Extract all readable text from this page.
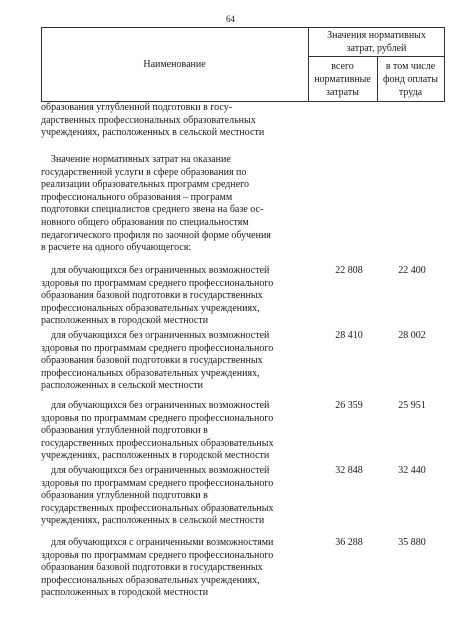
64
Наименование
Значения нормативных
затрат, рублей
всего
нормативные
затраты
в том числе
фонд оплаты
труда
образования углубленной подготовки в госу-
дарственных профессиональных образовательных
учреждениях, расположенных в сельской местности
Значение нормативных затрат на оказание
государственной услуги в сфере образования по
реализации образовательных программ среднего
профессионального образования – программ
подготовки специалистов среднего звена на базе ос-
новного общего образования по специальностям
педагогического профиля по заочной форме обучения
в расчете на одного обучающегося:
для обучающихся без ограниченных возможностей
здоровья по программам среднего профессионального
образования базовой подготовки в государственных
профессиональных образовательных учреждениях,
расположенных в городской местности
22 808	22 400
для обучающихся без ограниченных возможностей
здоровья по программам среднего профессионального
образования базовой подготовки в государственных
профессиональных образовательных учреждениях,
расположенных в сельской местности
28 410	28 002
для обучающихся без ограниченных возможностей
здоровья по программам среднего профессионального
образования углубленной подготовки в
государственных профессиональных образовательных
учреждениях, расположенных в городской местности
26 359	25 951
для обучающихся без ограниченных возможностей
здоровья по программам среднего профессионального
образования углубленной подготовки в
государственных профессиональных образовательных
учреждениях, расположенных в сельской местности
32 848	32 440
для обучающихся с ограниченными возможностями
здоровья по программам среднего профессионального
образования базовой подготовки в государственных
профессиональных образовательных учреждениях,
расположенных в городской местности
36 288	35 880
